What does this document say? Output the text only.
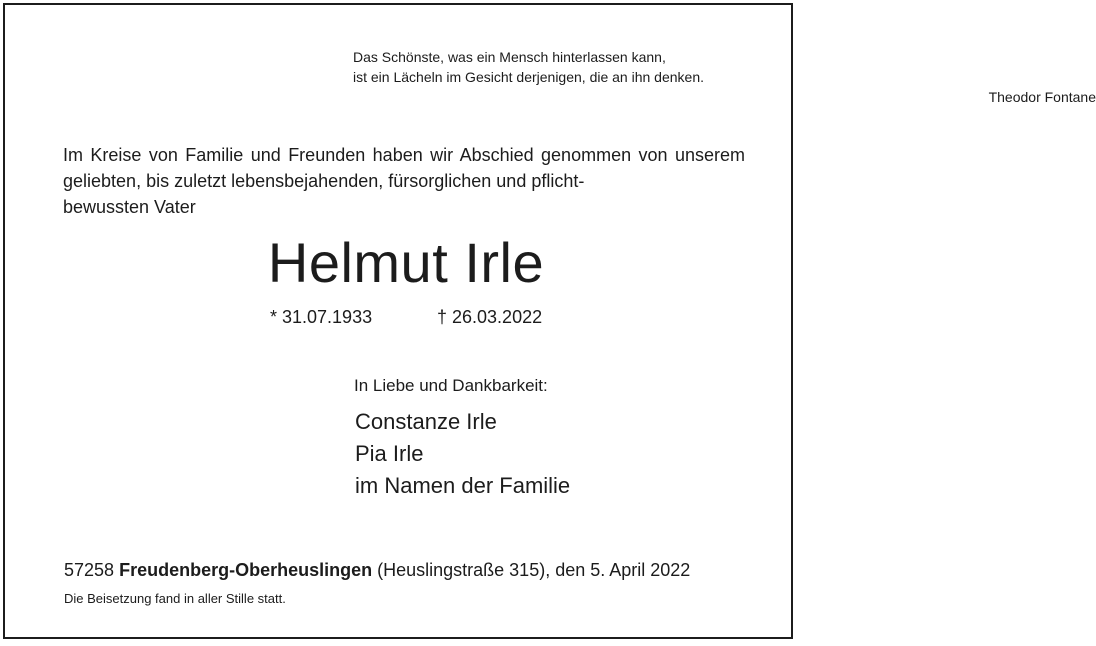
Das Schönste, was ein Mensch hinterlassen kann,
ist ein Lächeln im Gesicht derjenigen, die an ihn denken.
Theodor Fontane
Im Kreise von Familie und Freunden haben wir Abschied genommen von unserem geliebten, bis zuletzt lebensbejahenden, fürsorglichen und pflicht-
bewussten Vater
Helmut Irle
* 31.07.1933	† 26.03.2022
In Liebe und Dankbarkeit:
Constanze Irle
Pia Irle
im Namen der Familie
57258 Freudenberg-Oberheuslingen (Heuslingstraße 315), den 5. April 2022
Die Beisetzung fand in aller Stille statt.
